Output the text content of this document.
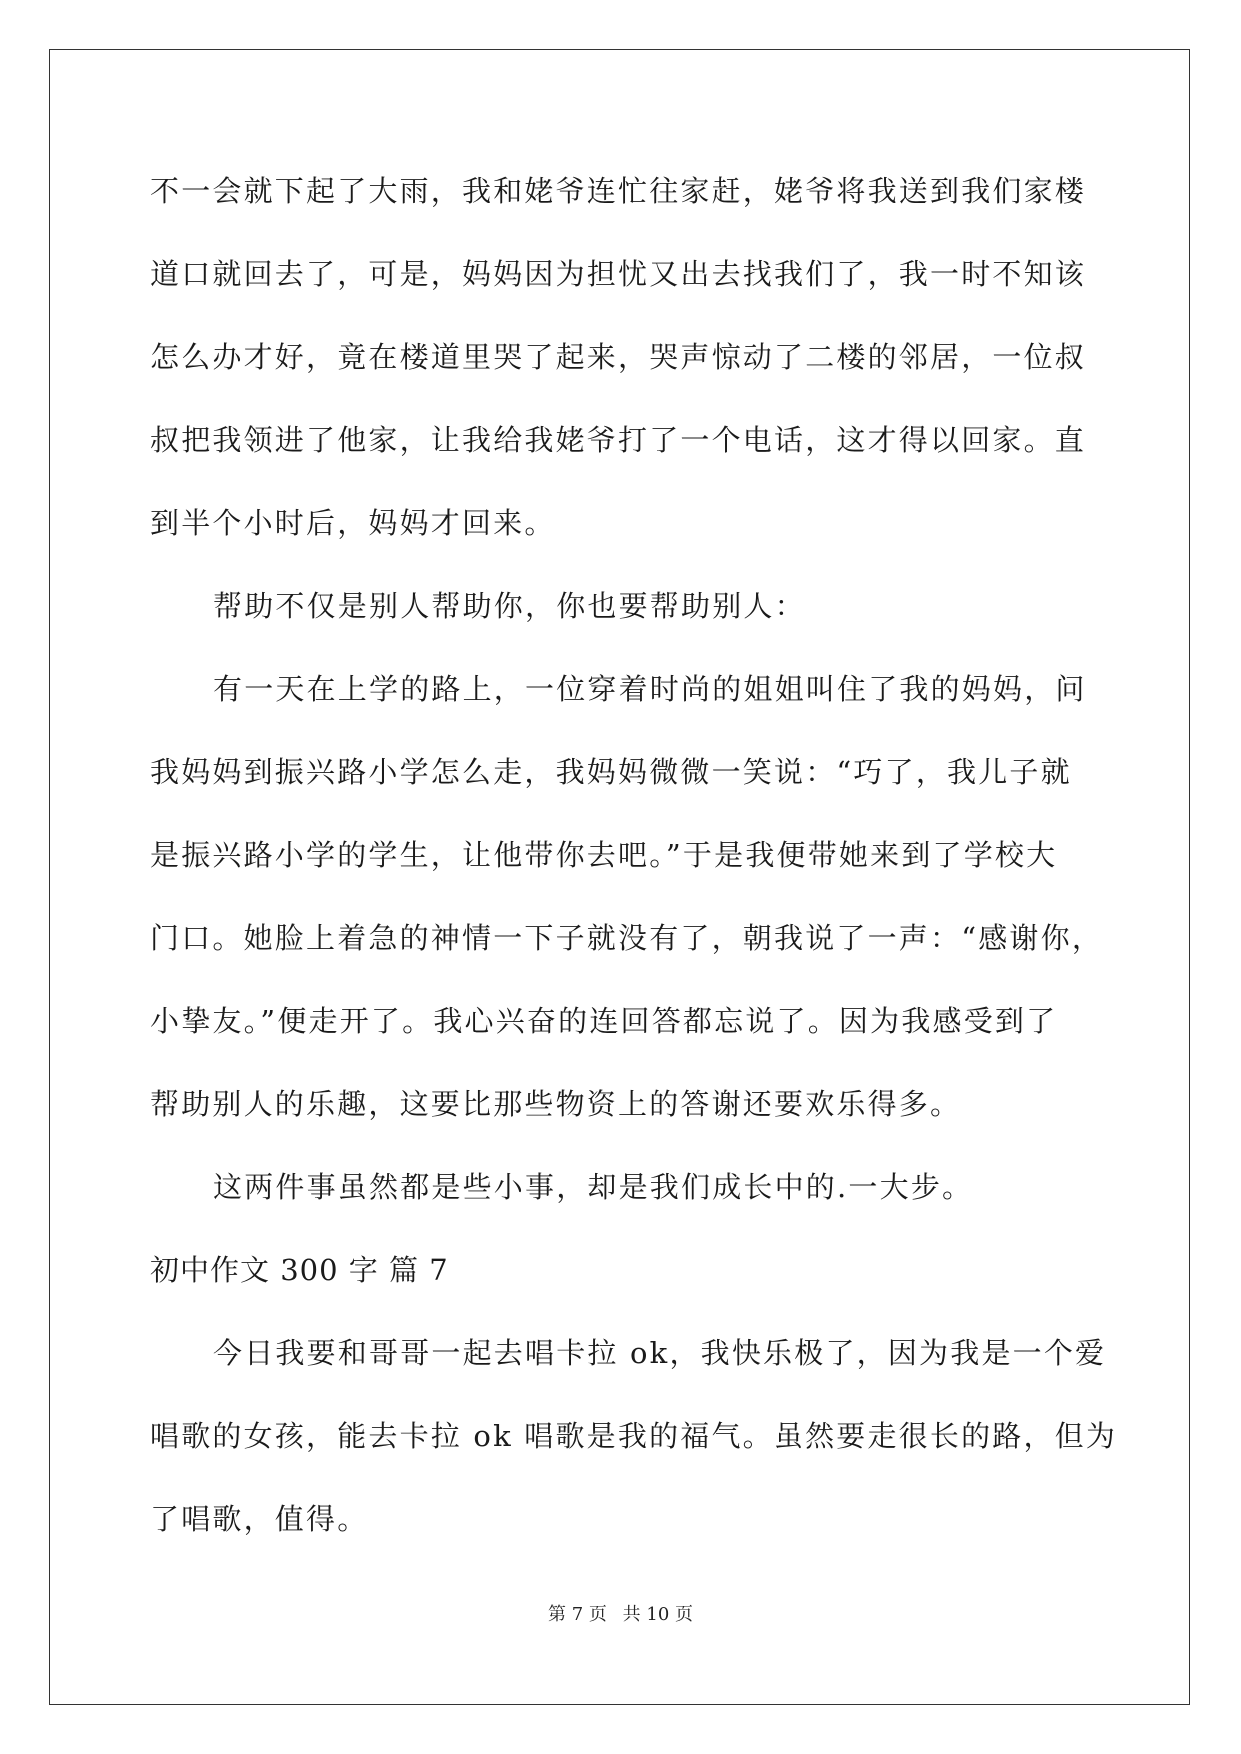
不一会就下起了大雨，我和姥爷连忙往家赶，姥爷将我送到我们家楼

道口就回去了，可是，妈妈因为担忧又出去找我们了，我一时不知该

怎么办才好，竟在楼道里哭了起来，哭声惊动了二楼的邻居，一位叔

叔把我领进了他家，让我给我姥爷打了一个电话，这才得以回家。直

到半个小时后，妈妈才回来。

帮助不仅是别人帮助你，你也要帮助别人：

有一天在上学的路上，一位穿着时尚的姐姐叫住了我的妈妈，问

我妈妈到振兴路小学怎么走，我妈妈微微一笑说：“巧了，我儿子就

是振兴路小学的学生，让他带你去吧。”于是我便带她来到了学校大

门口。她脸上着急的神情一下子就没有了，朝我说了一声：“感谢你，

小挚友。”便走开了。我心兴奋的连回答都忘说了。因为我感受到了

帮助别人的乐趣，这要比那些物资上的答谢还要欢乐得多。

这两件事虽然都是些小事，却是我们成长中的.一大步。

初中作文 300 字 篇 7

今日我要和哥哥一起去唱卡拉 ok，我快乐极了，因为我是一个爱

唱歌的女孩，能去卡拉 ok 唱歌是我的福气。虽然要走很长的路，但为

了唱歌，值得。

第 7 页 共 10 页
